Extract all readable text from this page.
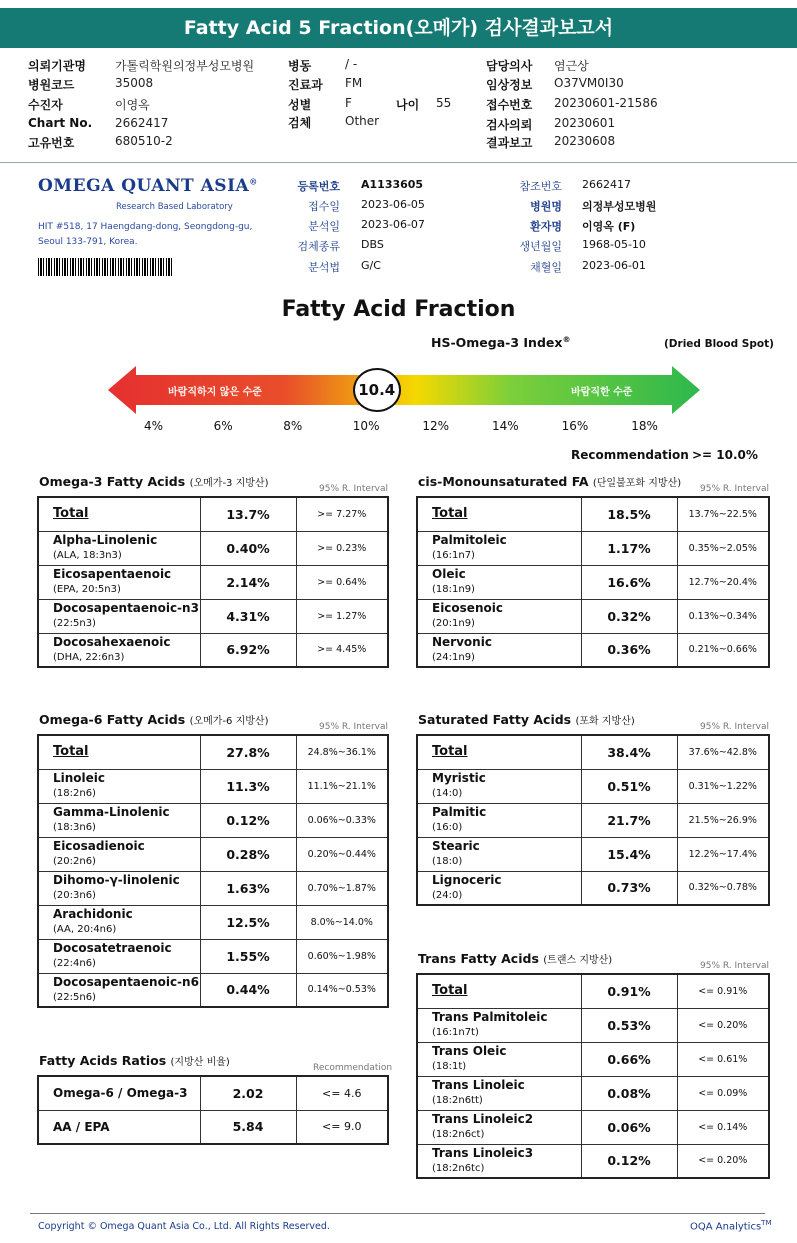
Fatty Acid 5 Fraction(오메가) 검사결과보고서
의뢰기관명 가톨릭학원의정부성모병원
병원코드	35008
수진자	이영옥
Chart No. 2662417
고유번호	680510-2
병동	/ -
진료과 FM
성별	F
검체	Other
나이 55
담당의사 염근상
임상정보 O37VM0I30
접수번호 20230601-21586
검사의뢰 20230601
결과보고 20230608
OMEGA QUANT ASIA®
Research Based Laboratory
HIT #518, 17 Haengdang-dong, Seongdong-gu,
Seoul 133-791, Korea.
등록번호 A1133605
접수일 2023-06-05
분석일 2023-06-07
검체종류 DBS
분석법 G/C
참조번호 2662417
병원명 의정부성모병원
환자명 이영옥 (F)
생년월일 1968-05-10
채혈일 2023-06-01
Fatty Acid Fraction
HS-Omega-3 Index®	(Dried Blood Spot)
바람직하지 않은 수준	바람직한 수준
10.4
4%	6%	8%	10%	12%	14%	16%	18%
Recommendation >= 10.0%
Omega-3 Fatty Acids (오메가-3 지방산)	95% R. Interval
Total	13.7%	>= 7.27%
Alpha-Linolenic
(ALA, 18:3n3)	0.40%	>= 0.23%
Eicosapentaenoic
(EPA, 20:5n3)	2.14%	>= 0.64%
Docosapentaenoic-n3
(22:5n3)	4.31%	>= 1.27%
Docosahexaenoic
(DHA, 22:6n3)	6.92%	>= 4.45%
cis-Monounsaturated FA (단일불포화 지방산) 95% R. Interval
Total	18.5%	13.7%~22.5%
Palmitoleic
(16:1n7)	1.17%	0.35%~2.05%
Oleic
(18:1n9)	16.6%	12.7%~20.4%
Eicosenoic
(20:1n9)	0.32%	0.13%~0.34%
Nervonic
(24:1n9)	0.36%	0.21%~0.66%
Omega-6 Fatty Acids (오메가-6 지방산)	95% R. Interval
Total	27.8%	24.8%~36.1%
Linoleic
(18:2n6)	11.3%	11.1%~21.1%
Gamma-Linolenic
(18:3n6)	0.12%	0.06%~0.33%
Eicosadienoic
(20:2n6)	0.28%	0.20%~0.44%
Dihomo-γ-linolenic
(20:3n6)	1.63%	0.70%~1.87%
Arachidonic
(AA, 20:4n6)	12.5%	8.0%~14.0%
Docosatetraenoic
(22:4n6)	1.55%	0.60%~1.98%
Docosapentaenoic-n6
(22:5n6)	0.44%	0.14%~0.53%
Saturated Fatty Acids (포화 지방산)	95% R. Interval
Total	38.4%	37.6%~42.8%
Myristic
(14:0)	0.51%	0.31%~1.22%
Palmitic
(16:0)	21.7%	21.5%~26.9%
Stearic
(18:0)	15.4%	12.2%~17.4%
Lignoceric
(24:0)	0.73%	0.32%~0.78%
Trans Fatty Acids (트랜스 지방산)	95% R. Interval
Total	0.91%	<= 0.91%
Trans Palmitoleic
(16:1n7t)	0.53%	<= 0.20%
Trans Oleic
(18:1t)	0.66%	<= 0.61%
Trans Linoleic
(18:2n6tt)	0.08%	<= 0.09%
Trans Linoleic2
(18:2n6ct)	0.06%	<= 0.14%
Trans Linoleic3
(18:2n6tc)	0.12%	<= 0.20%
Fatty Acids Ratios (지방산 비율)	Recommendation
Omega-6 / Omega-3	2.02	<= 4.6
AA / EPA	5.84	<= 9.0
Copyright © Omega Quant Asia Co., Ltd. All Rights Reserved.	OQA Analytics™
